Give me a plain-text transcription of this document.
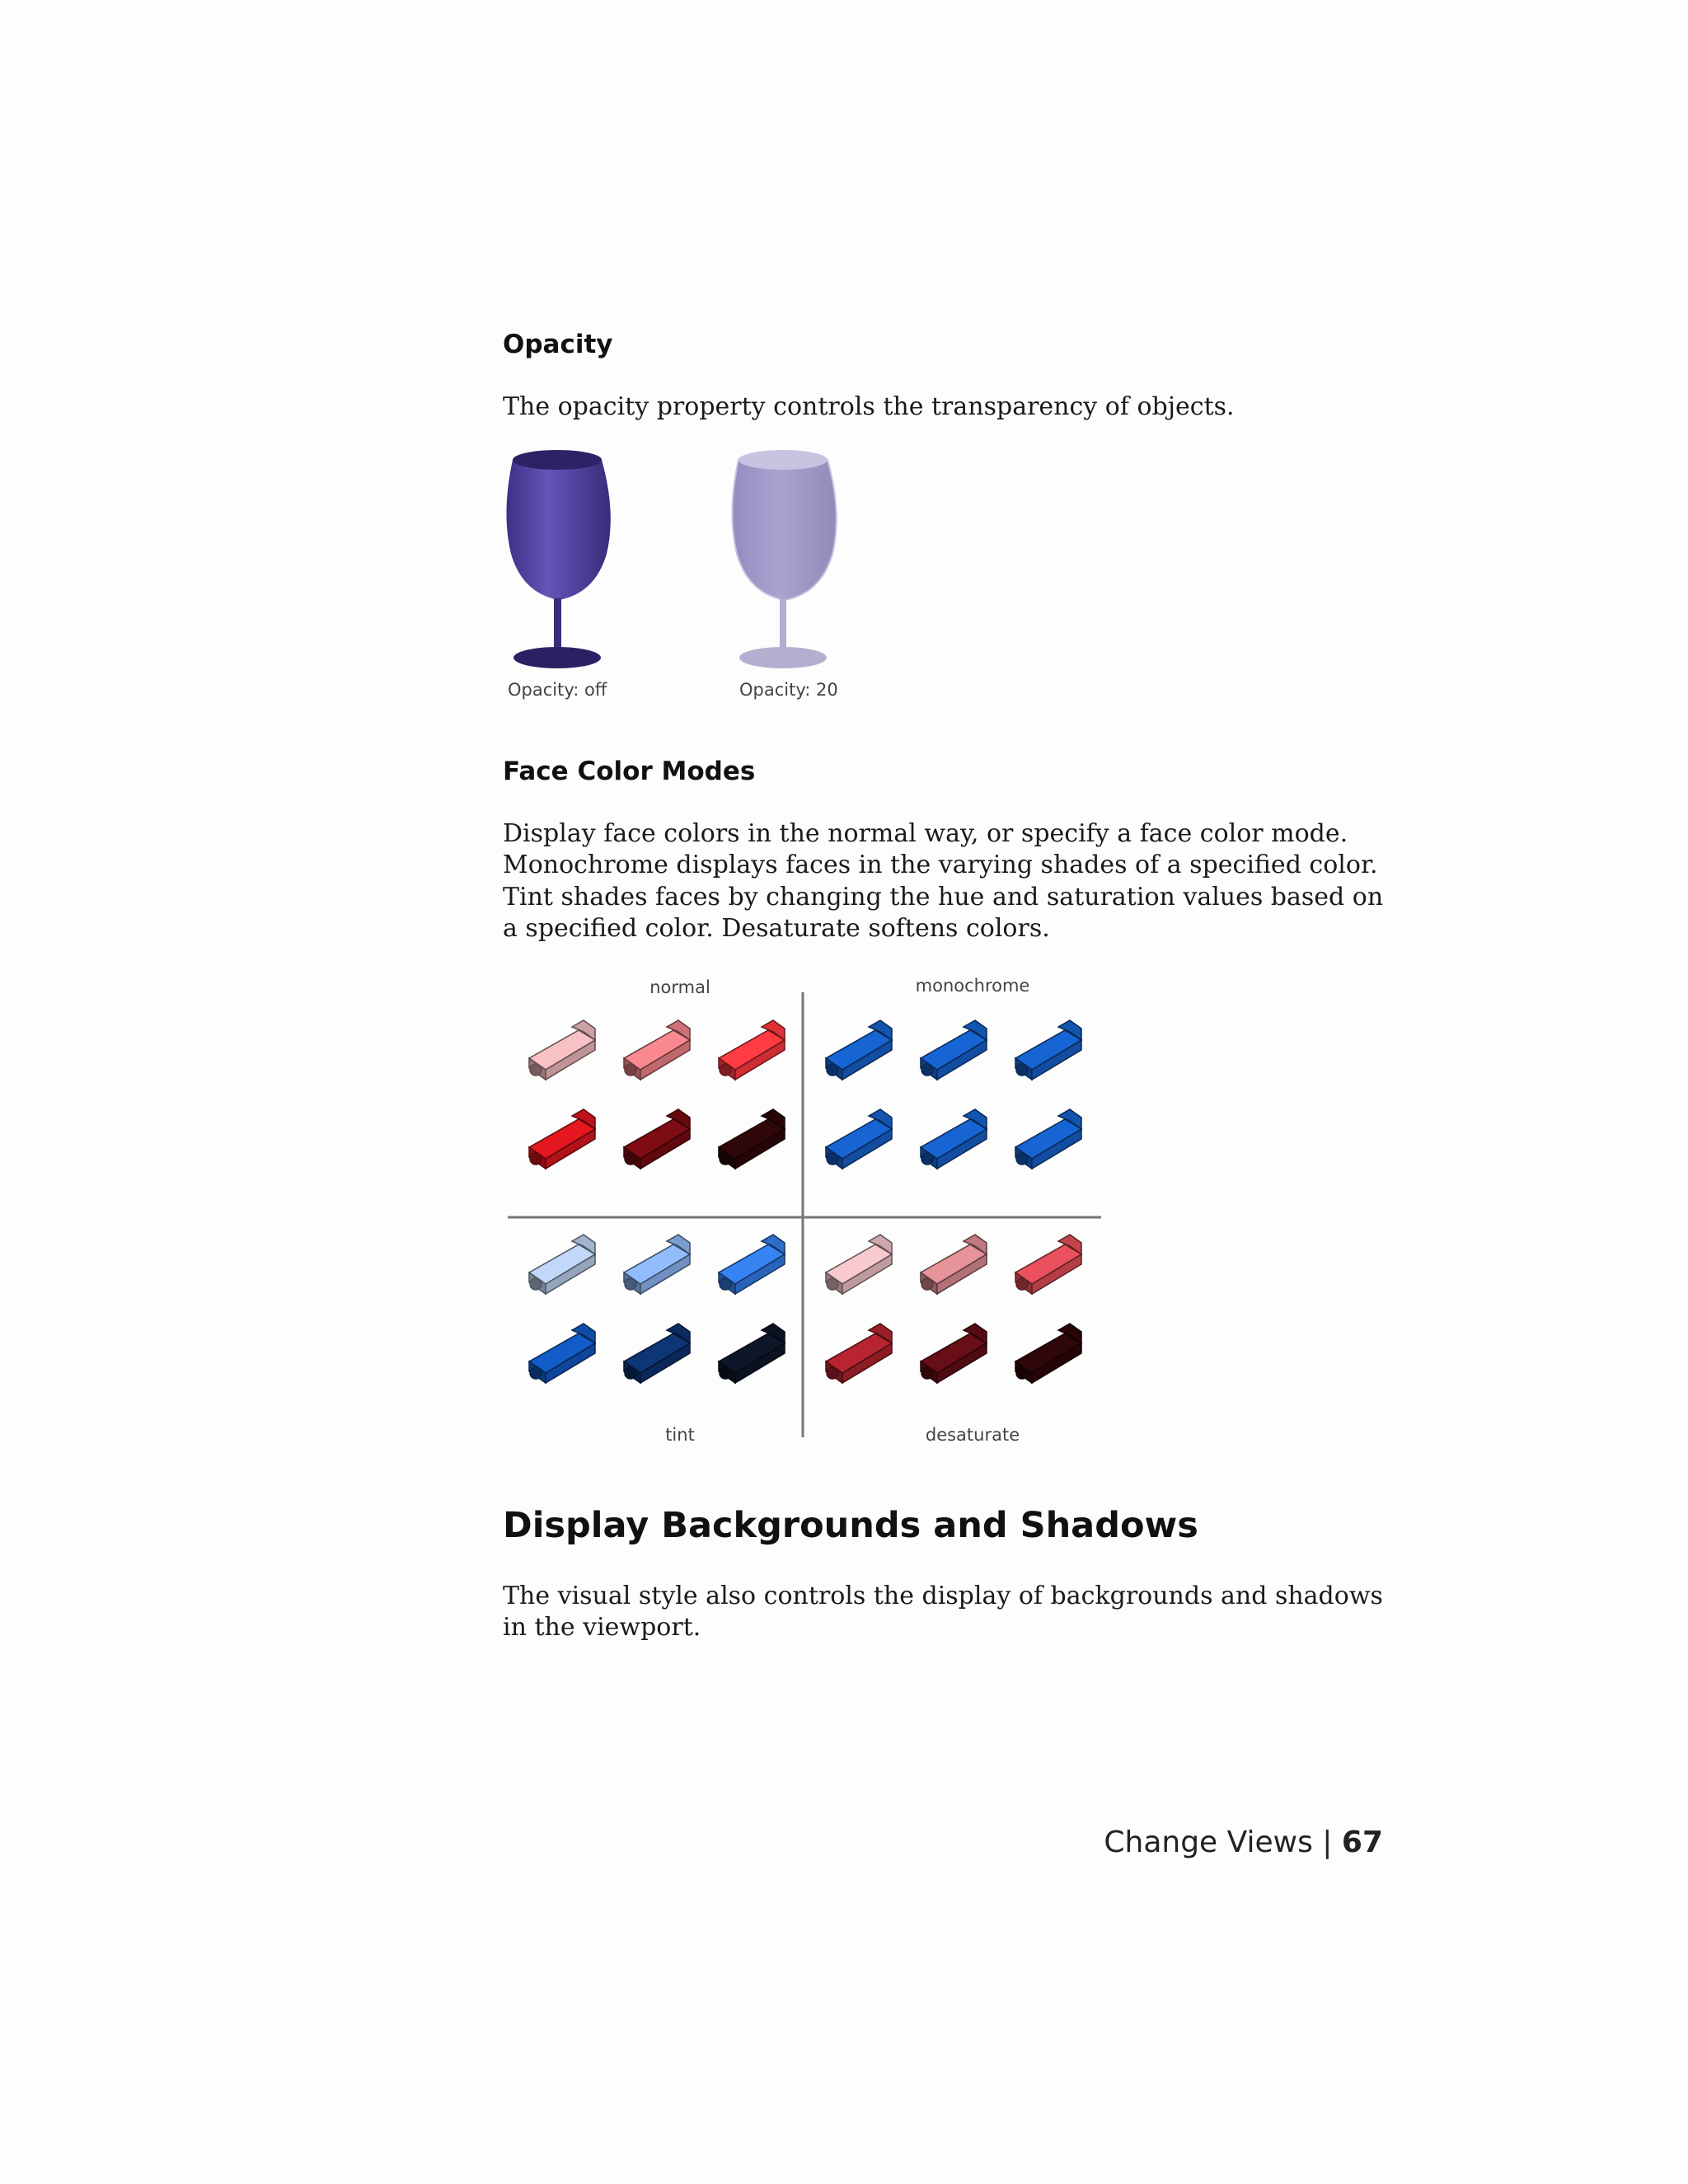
Opacity

The opacity property controls the transparency of objects.

Opacity: off	Opacity: 20
Face Color Modes

Display face colors in the normal way, or specify a face color mode. Monochrome displays faces in the varying shades of a specified color. Tint shades faces by changing the hue and saturation values based on a specified color. Desaturate softens colors.

normal	monochrome
tint	desaturate
Display Backgrounds and Shadows

The visual style also controls the display of backgrounds and shadows in the viewport.

Change Views | 67
